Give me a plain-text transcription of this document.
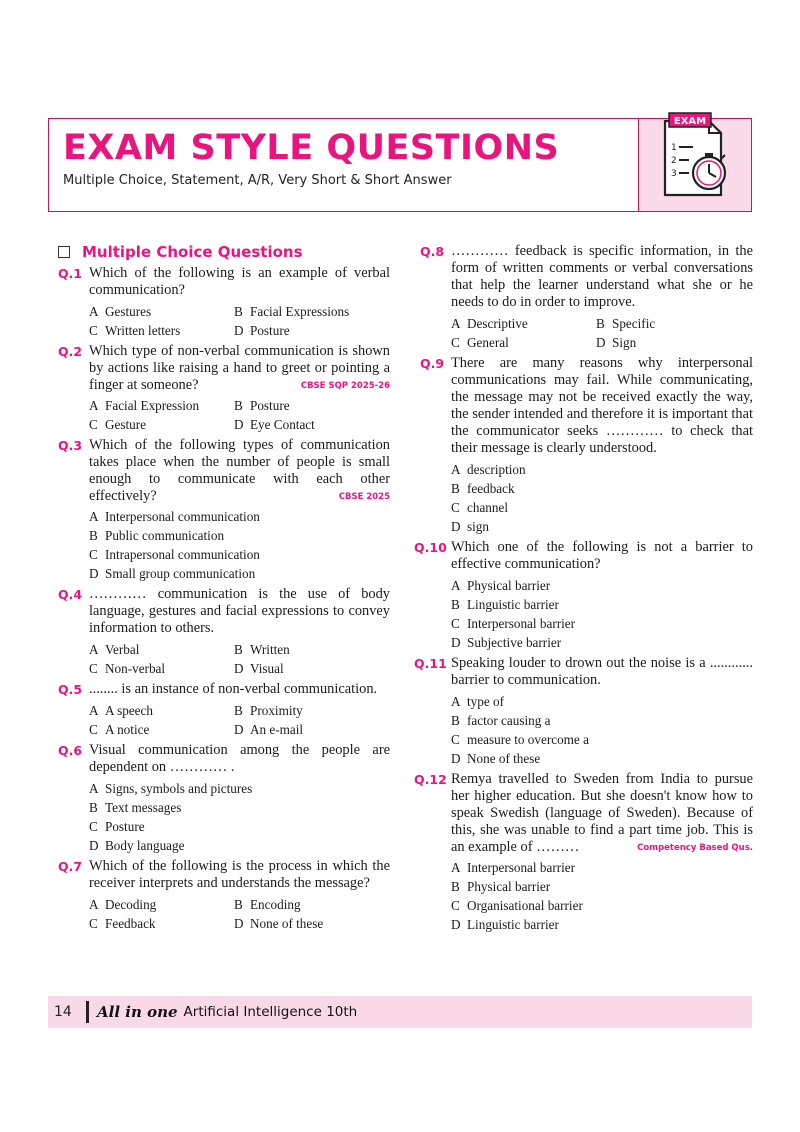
EXAM STYLE QUESTIONS
Multiple Choice, Statement, A/R, Very Short & Short Answer
EXAM
1
2
3
Multiple Choice Questions
Q.1 Which of the following is an example of verbal communication?
A Gestures	B Facial Expressions
C Written letters	D Posture
Q.2 Which type of non-verbal communication is shown by actions like raising a hand to greet or pointing a finger at someone?	CBSE SQP 2025-26
A Facial Expression	B Posture
C Gesture	D Eye Contact
Q.3 Which of the following types of communication takes place when the number of people is small enough to communicate with each other effectively?	CBSE 2025
A Interpersonal communication
B Public communication
C Intrapersonal communication
D Small group communication
Q.4 ………… communication is the use of body language, gestures and facial expressions to convey information to others.
A Verbal	B Written
C Non-verbal	D Visual
Q.5 ........ is an instance of non-verbal communication.
A A speech	B Proximity
C A notice	D An e-mail
Q.6 Visual communication among the people are dependent on ………… .
A Signs, symbols and pictures
B Text messages
C Posture
D Body language
Q.7 Which of the following is the process in which the receiver interprets and understands the message?
A Decoding	B Encoding
C Feedback	D None of these
Q.8 ………… feedback is specific information, in the form of written comments or verbal conversations that help the learner understand what she or he needs to do in order to improve.
A Descriptive	B Specific
C General	D Sign
Q.9 There are many reasons why interpersonal communications may fail. While communicating, the message may not be received exactly the way, the sender intended and therefore it is important that the communicator seeks ………… to check that their message is clearly understood.
A description
B feedback
C channel
D sign
Q.10 Which one of the following is not a barrier to effective communication?
A Physical barrier
B Linguistic barrier
C Interpersonal barrier
D Subjective barrier
Q.11 Speaking louder to drown out the noise is a ............ barrier to communication.
A type of
B factor causing a
C measure to overcome a
D None of these
Q.12 Remya travelled to Sweden from India to pursue her higher education. But she doesn't know how to speak Swedish (language of Sweden). Because of this, she was unable to find a part time job. This is an example of ………	Competency Based Qus.
A Interpersonal barrier
B Physical barrier
C Organisational barrier
D Linguistic barrier
14	All in one Artificial Intelligence 10th
